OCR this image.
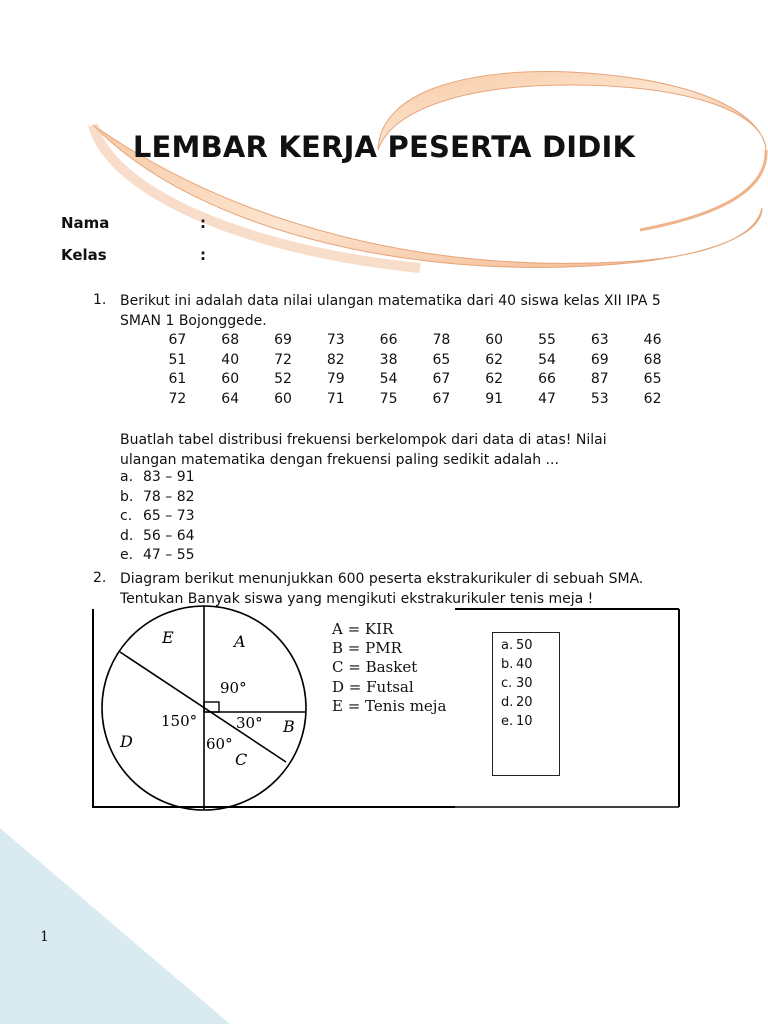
LEMBAR KERJA PESERTA DIDIK
Nama	:
Kelas	:
1. Berikut ini adalah data nilai ulangan matematika dari 40 siswa kelas XII IPA 5 SMAN 1 Bojonggede.
67	68	69	73	66	78	60	55	63	46
51	40	72	82	38	65	62	54	69	68
61	60	52	79	54	67	62	66	87	65
72	64	60	71	75	67	91	47	53	62
Buatlah tabel distribusi frekuensi berkelompok dari data di atas! Nilai ulangan matematika dengan frekuensi paling sedikit adalah ...
a. 83 – 91
b. 78 – 82
c. 65 – 73
d. 56 – 64
e. 47 – 55
2. Diagram berikut menunjukkan 600 peserta ekstrakurikuler di sebuah SMA. Tentukan Banyak siswa yang mengikuti ekstrakurikuler tenis meja !
E	A
B
C
D
90°
30°
60°
150°
A = KIR
B = PMR
C = Basket
D = Futsal
E = Tenis meja
a. 50
b. 40
c. 30
d. 20
e. 10
1
